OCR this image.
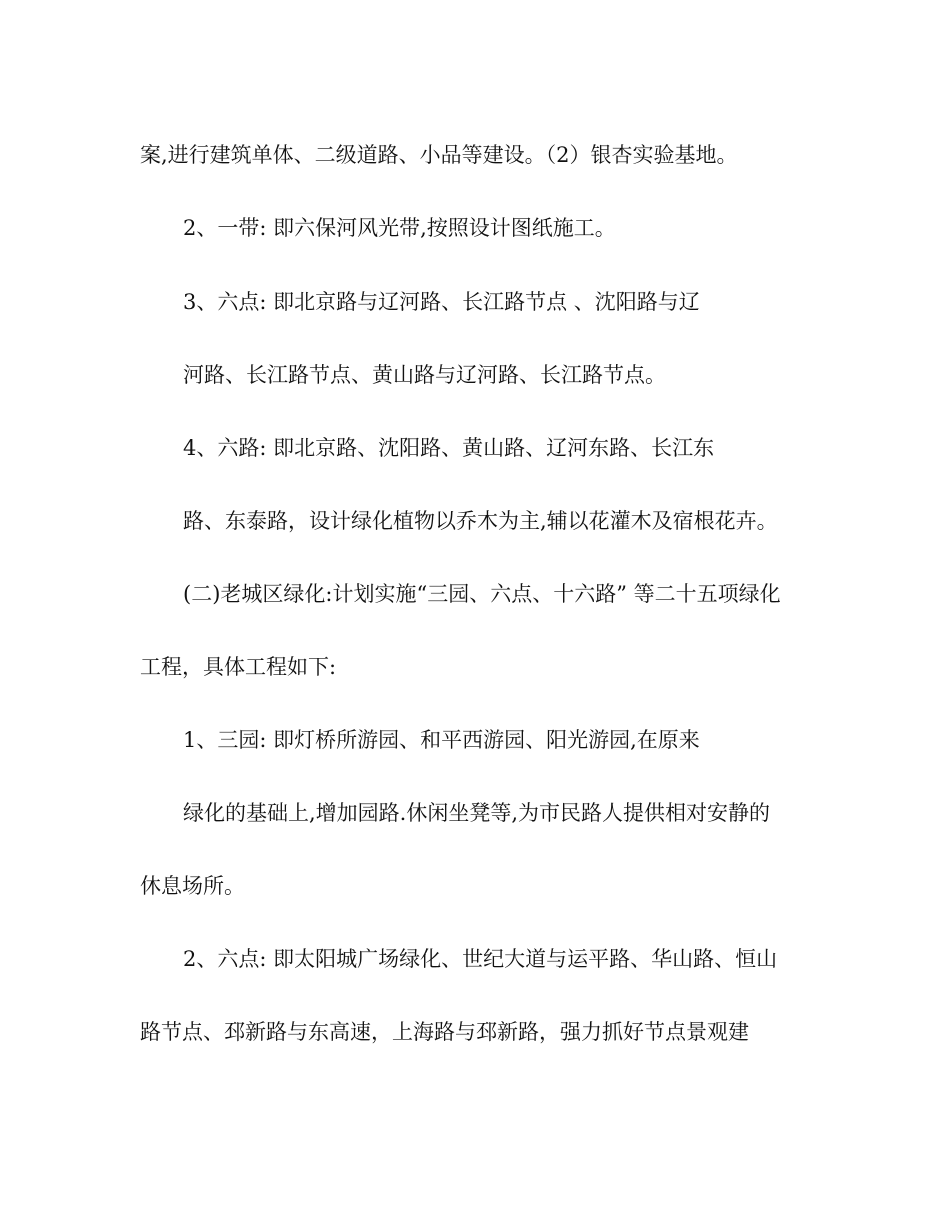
案,进行建筑单体、二级道路、小品等建设。（2）银杏实验基地。
2、一带: 即六保河风光带,按照设计图纸施工。
3、六点: 即北京路与辽河路、长江路节点 、沈阳路与辽
河路、长江路节点、黄山路与辽河路、长江路节点。
4、六路: 即北京路、沈阳路、黄山路、辽河东路、长江东
路、东泰路，设计绿化植物以乔木为主,辅以花灌木及宿根花卉。
(二)老城区绿化:计划实施“三园、六点、十六路” 等二十五项绿化
工程，具体工程如下:
1、三园: 即灯桥所游园、和平西游园、阳光游园,在原来
绿化的基础上,增加园路.休闲坐凳等,为市民路人提供相对安静的
休息场所。
2、六点: 即太阳城广场绿化、世纪大道与运平路、华山路、恒山
路节点、邳新路与东高速，上海路与邳新路，强力抓好节点景观建
